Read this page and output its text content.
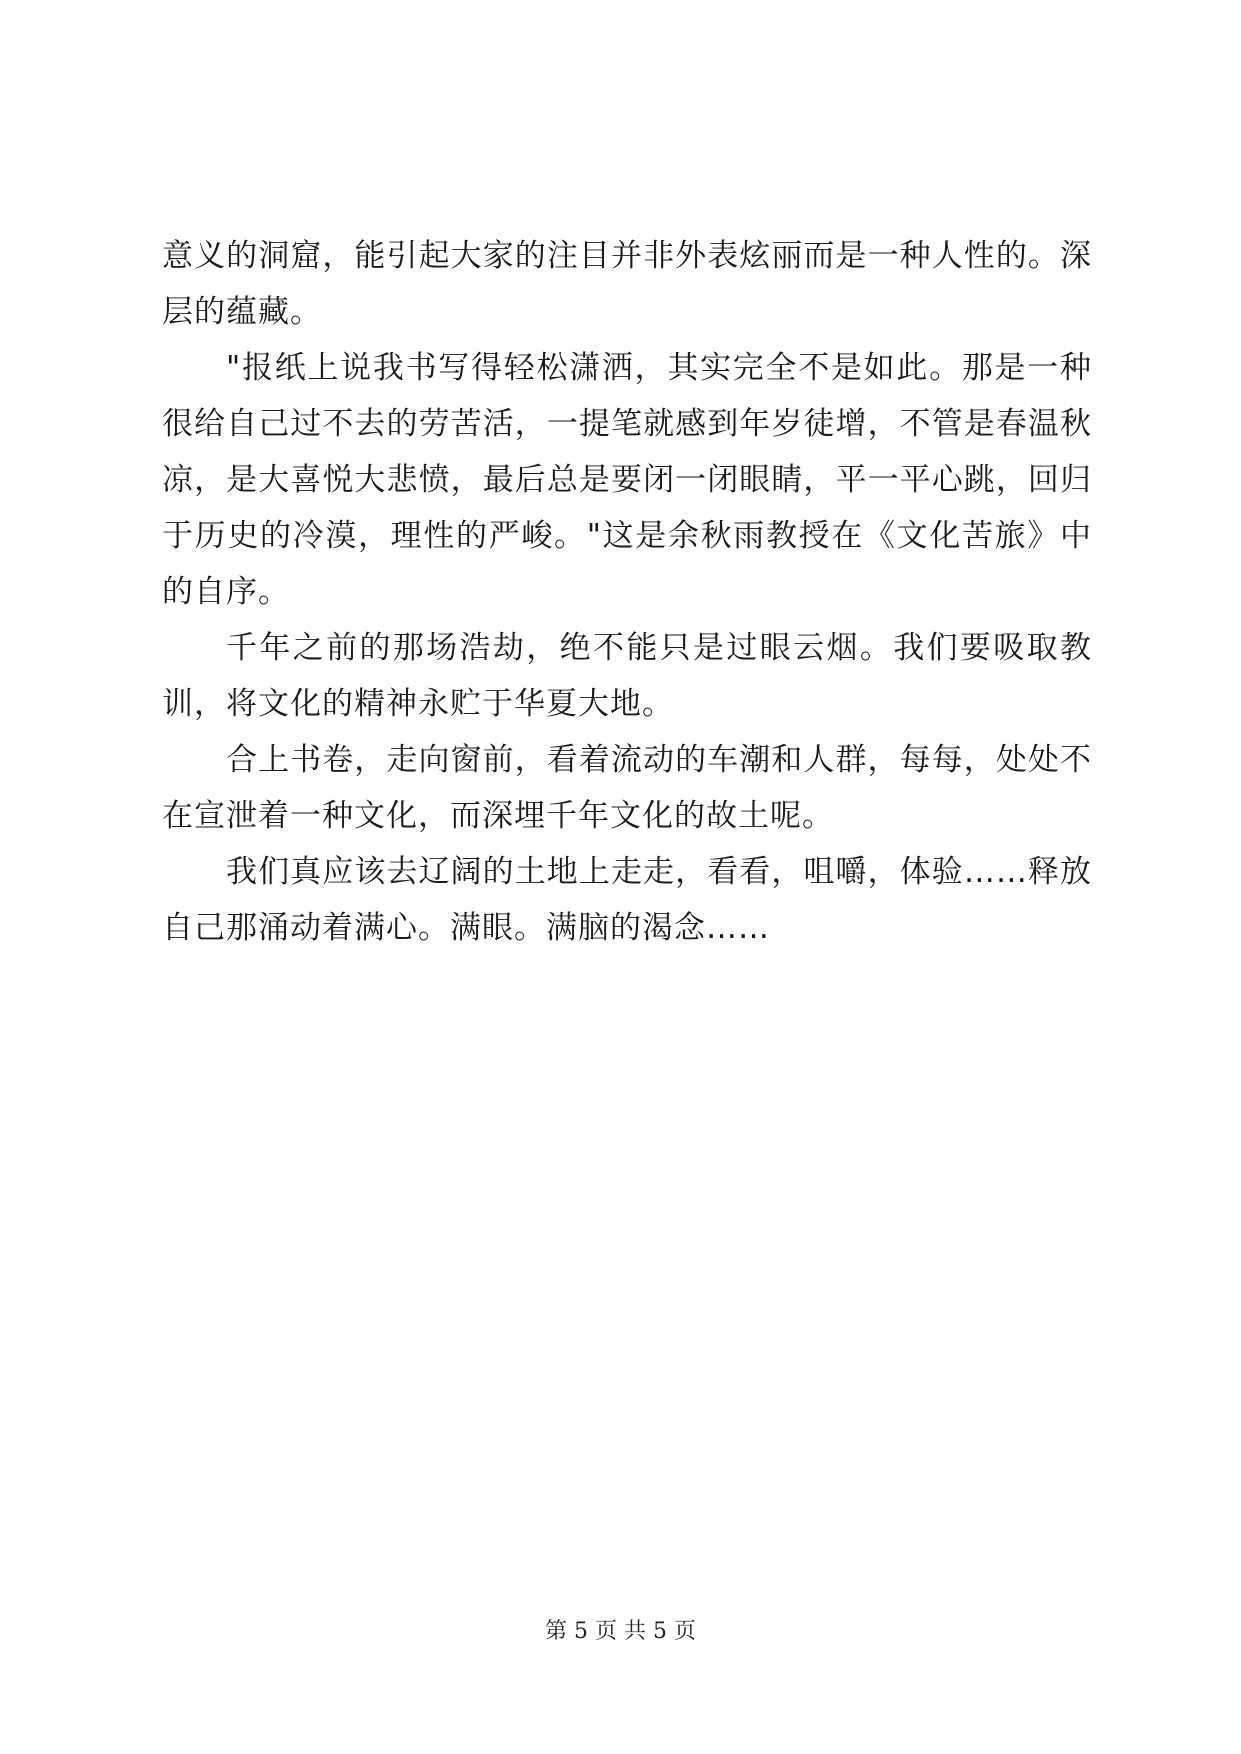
意义的洞窟，能引起大家的注目并非外表炫丽而是一种人性的。深层的蕴藏。

"报纸上说我书写得轻松潇洒，其实完全不是如此。那是一种很给自己过不去的劳苦活，一提笔就感到年岁徒增，不管是春温秋凉，是大喜悦大悲愤，最后总是要闭一闭眼睛，平一平心跳，回归于历史的冷漠，理性的严峻。"这是余秋雨教授在《文化苦旅》中的自序。

千年之前的那场浩劫，绝不能只是过眼云烟。我们要吸取教训，将文化的精神永贮于华夏大地。

合上书卷，走向窗前，看着流动的车潮和人群，每每，处处不在宣泄着一种文化，而深埋千年文化的故土呢。

我们真应该去辽阔的土地上走走，看看，咀嚼，体验……释放自己那涌动着满心。满眼。满脑的渴念……

第 5 页 共 5 页
